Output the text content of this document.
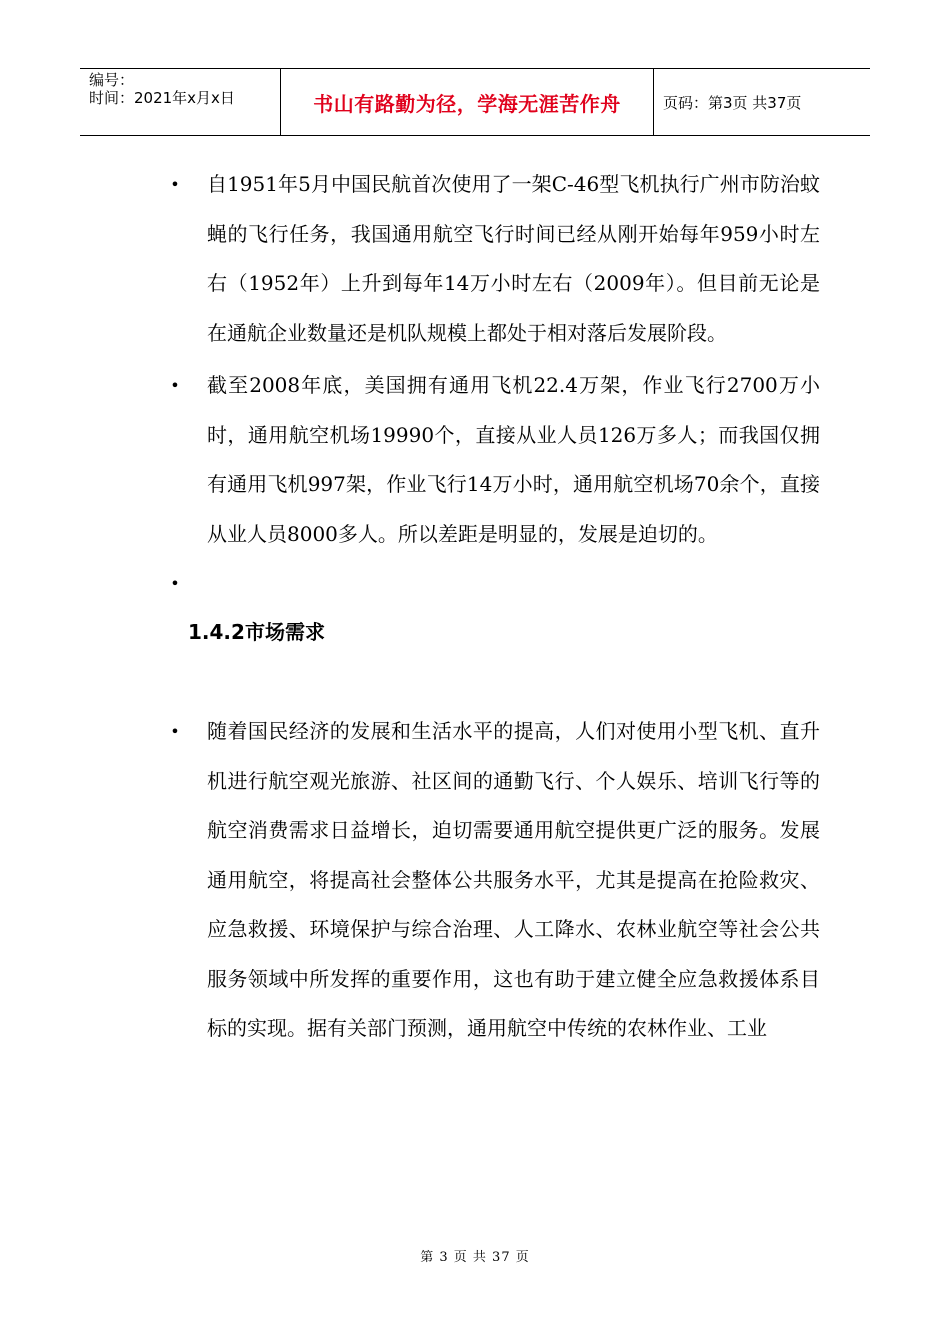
编号：
时间：2021年x月x日	书山有路勤为径，学海无涯苦作舟	页码：第3页 共37页
• 自1951年5月中国民航首次使用了一架C-46型飞机执行广州市防治蚊蝇的飞行任务，我国通用航空飞行时间已经从刚开始每年959小时左右（1952年）上升到每年14万小时左右（2009年）。但目前无论是在通航企业数量还是机队规模上都处于相对落后发展阶段。
• 截至2008年底，美国拥有通用飞机22.4万架，作业飞行2700万小时，通用航空机场19990个，直接从业人员126万多人；而我国仅拥有通用飞机997架，作业飞行14万小时，通用航空机场70余个，直接从业人员8000多人。所以差距是明显的，发展是迫切的。
•
1.4.2市场需求
• 随着国民经济的发展和生活水平的提高，人们对使用小型飞机、直升机进行航空观光旅游、社区间的通勤飞行、个人娱乐、培训飞行等的航空消费需求日益增长，迫切需要通用航空提供更广泛的服务。发展通用航空，将提高社会整体公共服务水平，尤其是提高在抢险救灾、应急救援、环境保护与综合治理、人工降水、农林业航空等社会公共服务领域中所发挥的重要作用，这也有助于建立健全应急救援体系目标的实现。据有关部门预测，通用航空中传统的农林作业、工业
第 3 页 共 37 页
